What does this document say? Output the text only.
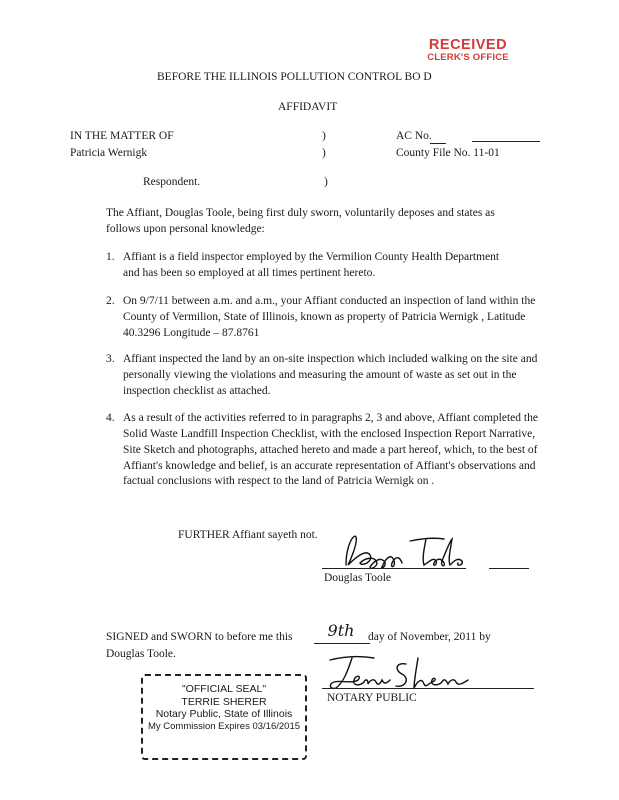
RECEIVED
CLERK'S OFFICE
BEFORE THE ILLINOIS POLLUTION CONTROL BO D
AFFIDAVIT
IN THE MATTER OF
Patricia Wernigk
Respondent.
)
)
)
AC No.
County File No. 11-01
The Affiant, Douglas Toole, being first duly sworn, voluntarily deposes and states as follows upon personal knowledge:
1. Affiant is a field inspector employed by the Vermilion County Health Department and has been so employed at all times pertinent hereto.
2. On 9/7/11 between a.m. and a.m., your Affiant conducted an inspection of land within the County of Vermilion, State of Illinois, known as property of Patricia Wernigk , Latitude 40.3296 Longitude – 87.8761
3. Affiant inspected the land by an on-site inspection which included walking on the site and personally viewing the violations and measuring the amount of waste as set out in the inspection checklist as attached.
4. As a result of the activities referred to in paragraphs 2, 3 and above, Affiant completed the Solid Waste Landfill Inspection Checklist, with the enclosed Inspection Report Narrative, Site Sketch and photographs, attached hereto and made a part hereof, which, to the best of Affiant's knowledge and belief, is an accurate representation of Affiant's observations and factual conclusions with respect to the land of Patricia Wernigk on .
FURTHER Affiant sayeth not.
Douglas Toole
SIGNED and SWORN to before me this	9th	day of November, 2011 by
Douglas Toole.
NOTARY PUBLIC
"OFFICIAL SEAL"
TERRIE SHERER
Notary Public, State of Illinois
My Commission Expires 03/16/2015
